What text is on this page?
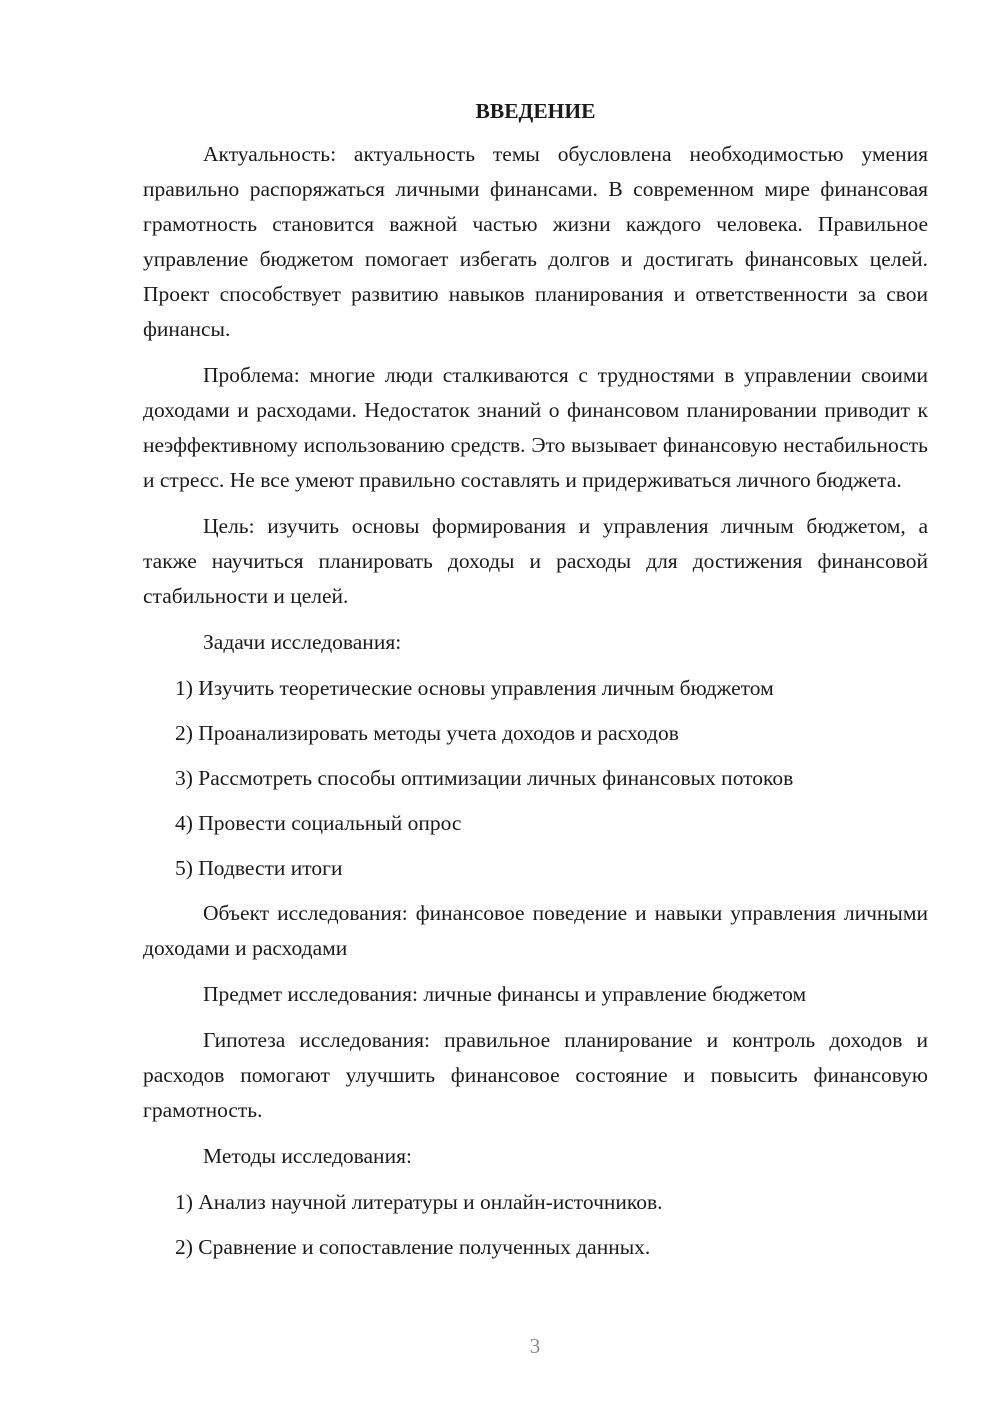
ВВЕДЕНИЕ

Актуальность: актуальность темы обусловлена необходимостью умения правильно распоряжаться личными финансами. В современном мире финансовая грамотность становится важной частью жизни каждого человека. Правильное управление бюджетом помогает избегать долгов и достигать финансовых целей. Проект способствует развитию навыков планирования и ответственности за свои финансы.

Проблема: многие люди сталкиваются с трудностями в управлении своими доходами и расходами. Недостаток знаний о финансовом планировании приводит к неэффективному использованию средств. Это вызывает финансовую нестабильность и стресс. Не все умеют правильно составлять и придерживаться личного бюджета.

Цель: изучить основы формирования и управления личным бюджетом, а также научиться планировать доходы и расходы для достижения финансовой стабильности и целей.

Задачи исследования:

1) Изучить теоретические основы управления личным бюджетом
2) Проанализировать методы учета доходов и расходов
3) Рассмотреть способы оптимизации личных финансовых потоков
4) Провести социальный опрос
5) Подвести итоги

Объект исследования: финансовое поведение и навыки управления личными доходами и расходами

Предмет исследования: личные финансы и управление бюджетом

Гипотеза исследования: правильное планирование и контроль доходов и расходов помогают улучшить финансовое состояние и повысить финансовую грамотность.

Методы исследования:

1) Анализ научной литературы и онлайн-источников.
2) Сравнение и сопоставление полученных данных.
3
